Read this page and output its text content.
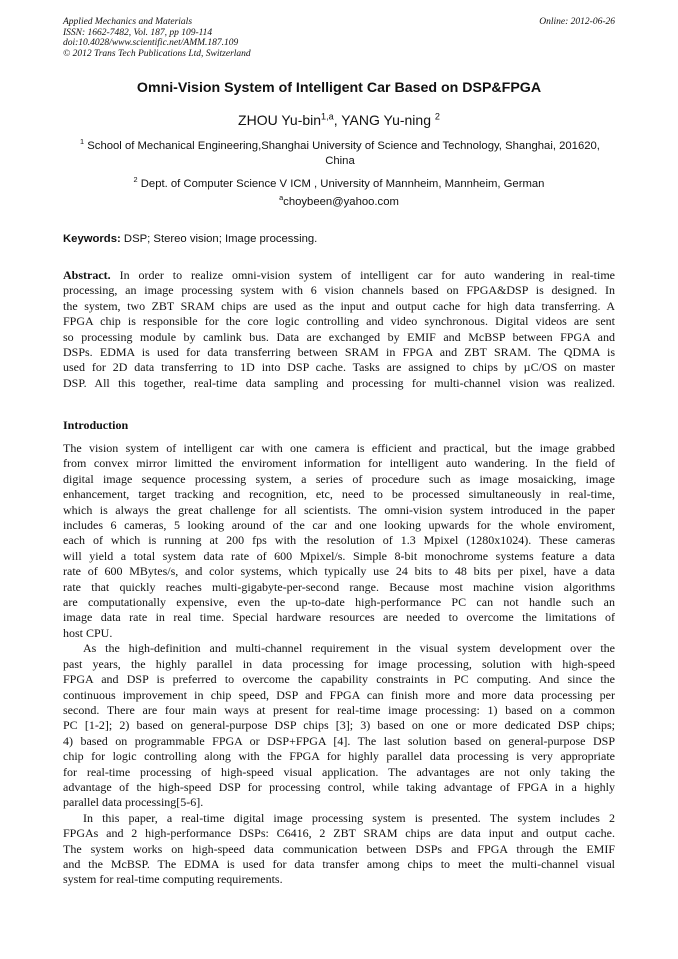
Applied Mechanics and Materials
ISSN: 1662-7482, Vol. 187, pp 109-114
doi:10.4028/www.scientific.net/AMM.187.109
© 2012 Trans Tech Publications Ltd, Switzerland
Online: 2012-06-26
Omni-Vision System of Intelligent Car Based on DSP&FPGA
ZHOU Yu-bin$^{1,a}$, YANG Yu-ning $^2$
$^1$ School of Mechanical Engineering,Shanghai University of Science and Technology, Shanghai, 201620, China
$^2$ Dept. of Computer Science V ICM , University of Mannheim, Mannheim, German
$^a$choybeen@yahoo.com
Keywords: DSP; Stereo vision; Image processing.
Abstract. In order to realize omni-vision system of intelligent car for auto wandering in real-time
processing, an image processing system with 6 vision channels based on FPGA&DSP is designed. In
the system, two ZBT SRAM chips are used as the input and output cache for high data transferring. A
FPGA chip is responsible for the core logic controlling and video synchronous. Digital videos are sent
so processing module by camlink bus. Data are exchanged by EMIF and McBSP between FPGA and
DSPs. EDMA is used for data transferring between SRAM in FPGA and ZBT SRAM. The QDMA is
used for 2D data transferring to 1D into DSP cache. Tasks are assigned to chips by µC/OS on master
DSP. All this together, real-time data sampling and processing for multi-channel vision was realized.
Introduction
The vision system of intelligent car with one camera is efficient and practical, but the image grabbed
from convex mirror limitted the enviroment information for intelligent auto wandering. In the field of
digital image sequence processing system, a series of procedure such as image mosaicking, image
enhancement, target tracking and recognition, etc, need to be processed simultaneously in real-time,
which is always the great challenge for all scientists. The omni-vision system introduced in the paper
includes 6 cameras, 5 looking around of the car and one looking upwards for the whole enviroment,
each of which is running at 200 fps with the resolution of 1.3 Mpixel (1280x1024). These cameras
will yield a total system data rate of 600 Mpixel/s. Simple 8-bit monochrome systems feature a data
rate of 600 MBytes/s, and color systems, which typically use 24 bits to 48 bits per pixel, have a data
rate that quickly reaches multi-gigabyte-per-second range. Because most machine vision algorithms
are computationally expensive, even the up-to-date high-performance PC can not handle such an
image data rate in real time. Special hardware resources are needed to overcome the limitations of
host CPU.
As the high-definition and multi-channel requirement in the visual system development over the
past years, the highly parallel in data processing for image processing, solution with high-speed
FPGA and DSP is preferred to overcome the capability constraints in PC computing. And since the
continuous improvement in chip speed, DSP and FPGA can finish more and more data processing per
second. There are four main ways at present for real-time image processing: 1) based on a common
PC [1-2]; 2) based on general-purpose DSP chips [3]; 3) based on one or more dedicated DSP chips;
4) based on programmable FPGA or DSP+FPGA [4]. The last solution based on general-purpose DSP
chip for logic controlling along with the FPGA for highly parallel data processing is very appropriate
for real-time processing of high-speed visual application. The advantages are not only taking the
advantage of the high-speed DSP for processing control, while taking advantage of FPGA in a highly
parallel data processing[5-6].
In this paper, a real-time digital image processing system is presented. The system includes 2
FPGAs and 2 high-performance DSPs: C6416, 2 ZBT SRAM chips are data input and output cache.
The system works on high-speed data communication between DSPs and FPGA through the EMIF
and the McBSP. The EDMA is used for data transfer among chips to meet the multi-channel visual
system for real-time computing requirements.
